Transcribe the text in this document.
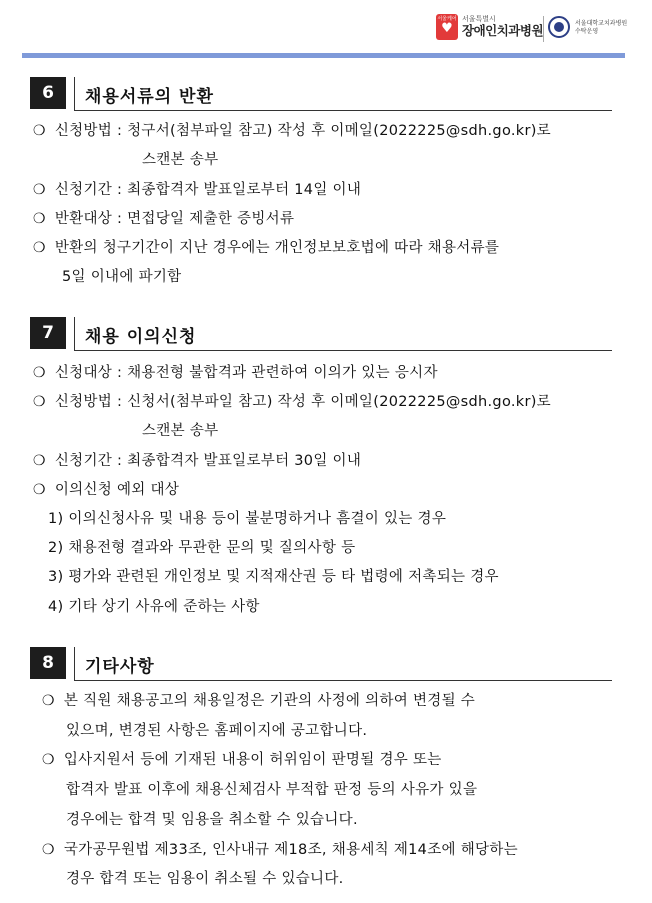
서울케어
♥
서울특별시
장애인치과병원	서울대학교치과병원
수탁운영
6	채용서류의 반환
❍ 신청방법 : 청구서(첨부파일 참고) 작성 후 이메일(2022225@sdh.go.kr)로
스캔본 송부
❍ 신청기간 : 최종합격자 발표일로부터 14일 이내
❍ 반환대상 : 면접당일 제출한 증빙서류
❍ 반환의 청구기간이 지난 경우에는 개인정보보호법에 따라 채용서류를
5일 이내에 파기함
7	채용 이의신청
❍ 신청대상 : 채용전형 불합격과 관련하여 이의가 있는 응시자
❍ 신청방법 : 신청서(첨부파일 참고) 작성 후 이메일(2022225@sdh.go.kr)로
스캔본 송부
❍ 신청기간 : 최종합격자 발표일로부터 30일 이내
❍ 이의신청 예외 대상
1) 이의신청사유 및 내용 등이 불분명하거나 흠결이 있는 경우
2) 채용전형 결과와 무관한 문의 및 질의사항 등
3) 평가와 관련된 개인정보 및 지적재산권 등 타 법령에 저촉되는 경우
4) 기타 상기 사유에 준하는 사항
8	기타사항
❍ 본 직원 채용공고의 채용일정은 기관의 사정에 의하여 변경될 수
있으며, 변경된 사항은 홈페이지에 공고합니다.
❍ 입사지원서 등에 기재된 내용이 허위임이 판명될 경우 또는
합격자 발표 이후에 채용신체검사 부적합 판정 등의 사유가 있을
경우에는 합격 및 임용을 취소할 수 있습니다.
❍ 국가공무원법 제33조, 인사내규 제18조, 채용세칙 제14조에 해당하는
경우 합격 또는 임용이 취소될 수 있습니다.
